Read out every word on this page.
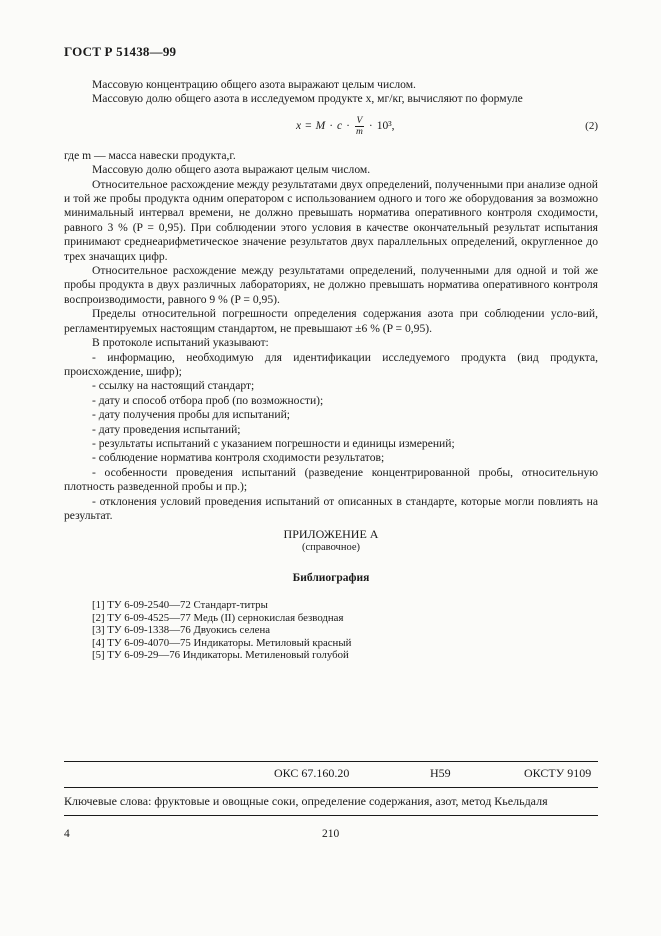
ГОСТ Р 51438—99

Массовую концентрацию общего азота выражают целым числом.

Массовую долю общего азота в исследуемом продукте x, мг/кг, вычисляют по формуле

$x = M \cdot c \cdot \frac{V}{m} \cdot 10^3$,	(2)

где m — масса навески продукта,г.

Массовую долю общего азота выражают целым числом.

Относительное расхождение между результатами двух определений, полученными при анализе одной и той же пробы продукта одним оператором с использованием одного и того же оборудования за возможно минимальный интервал времени, не должно превышать норматива оперативного контроля сходимости, равного 3 % (P = 0,95). При соблюдении этого условия в качестве окончательный результат испытания принимают среднеарифметическое значение результатов двух параллельных определений, округленное до трех значащих цифр.

Относительное расхождение между результатами определений, полученными для одной и той же пробы продукта в двух различных лабораториях, не должно превышать норматива оперативного контроля воспроизводимости, равного 9 % (P = 0,95).

Пределы относительной погрешности определения содержания азота при соблюдении усло-вий, регламентируемых настоящим стандартом, не превышают ±6 % (P = 0,95).

В протоколе испытаний указывают:

- информацию, необходимую для идентификации исследуемого продукта (вид продукта, происхождение, шифр);

- ссылку на настоящий стандарт;

- дату и способ отбора проб (по возможности);

- дату получения пробы для испытаний;

- дату проведения испытаний;

- результаты испытаний с указанием погрешности и единицы измерений;

- соблюдение норматива контроля сходимости результатов;

- особенности проведения испытаний (разведение концентрированной пробы, относительную плотность разведенной пробы и пр.);

- отклонения условий проведения испытаний от описанных в стандарте, которые могли повлиять на результат.

ПРИЛОЖЕНИЕ А
(справочное)
Библиография
[1] ТУ 6-09-2540—72 Стандарт-титры
[2] ТУ 6-09-4525—77 Медь (II) сернокислая безводная
[3] ТУ 6-09-1338—76 Двуокись селена
[4] ТУ 6-09-4070—75 Индикаторы. Метиловый красный
[5] ТУ 6-09-29—76 Индикаторы. Метиленовый голубой
ОКС 67.160.20	Н59	ОКСТУ 9109
Ключевые слова: фруктовые и овощные соки, определение содержания, азот, метод Кьельдаля
4	210
